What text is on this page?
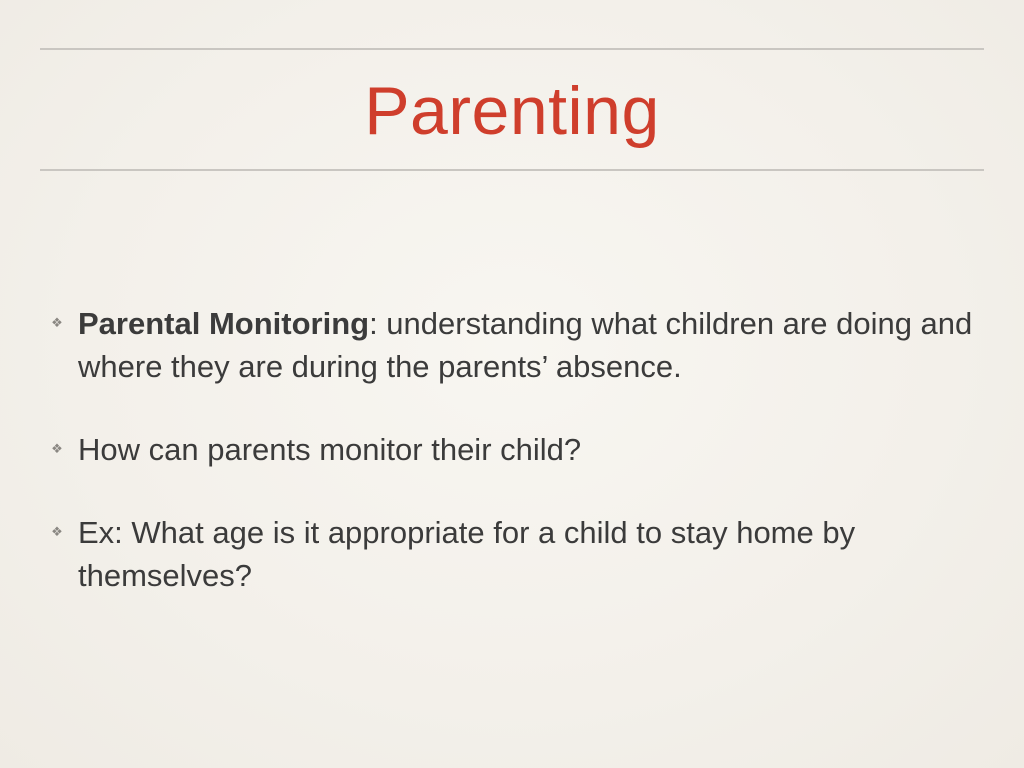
Parenting
❖ Parental Monitoring: understanding what children are doing and where they are during the parents’ absence.
❖ How can parents monitor their child?
❖ Ex: What age is it appropriate for a child to stay home by themselves?
